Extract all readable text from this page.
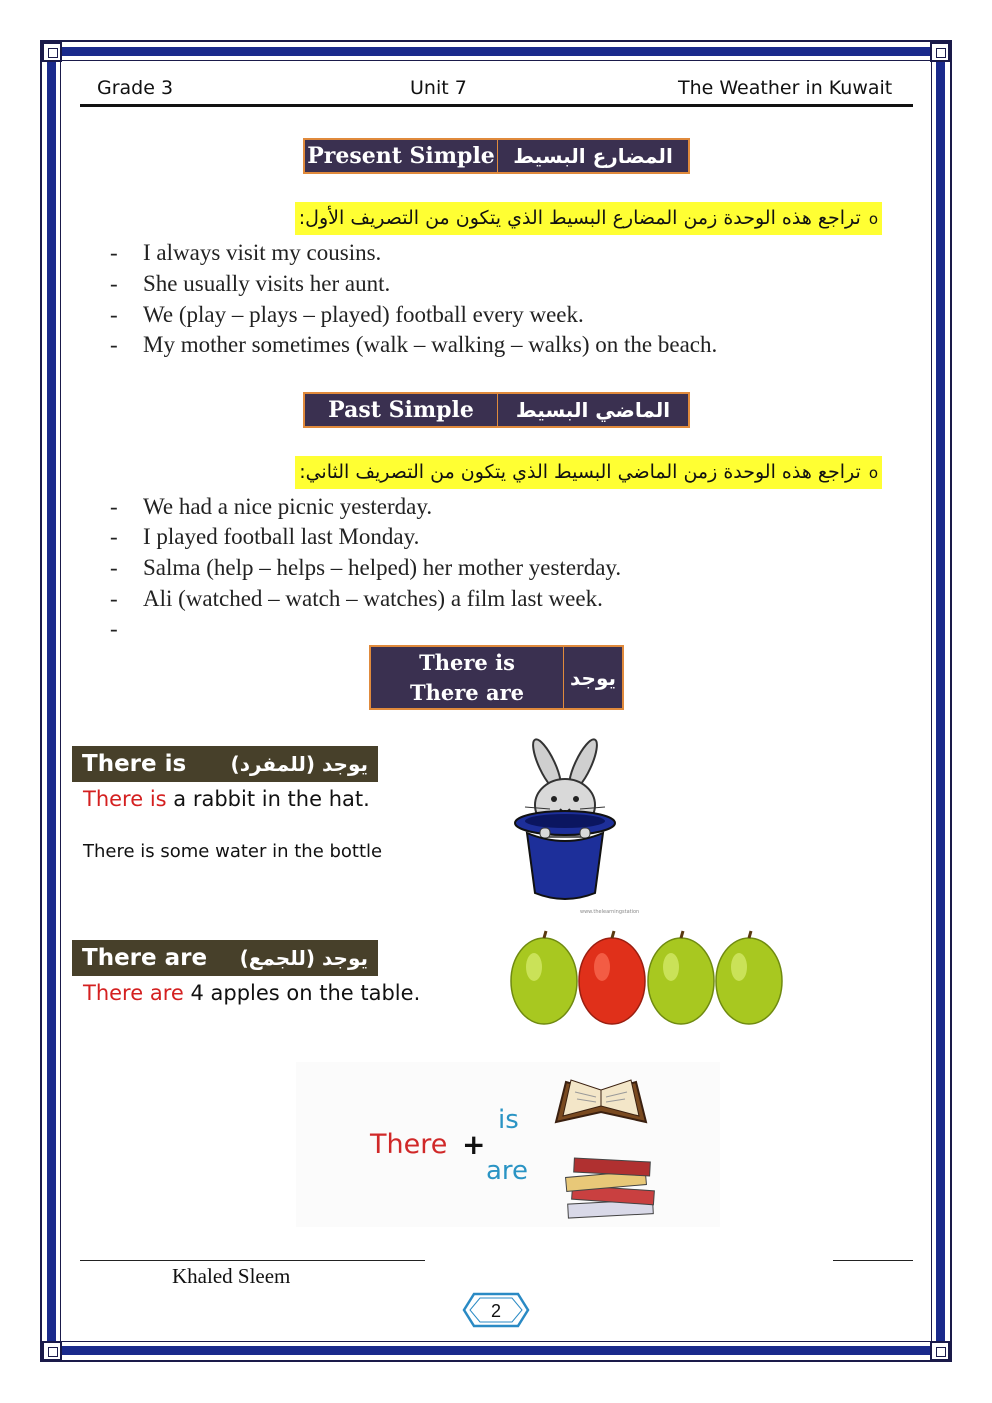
Grade 3	Unit 7	The Weather in Kuwait
Present Simple المضارع البسيط
oتراجع هذه الوحدة زمن المضارع البسيط الذي يتكون من التصريف الأول:
- I always visit my cousins.
- She usually visits her aunt.
- We (play – plays – played) football every week.
- My mother sometimes (walk – walking – walks) on the beach.
Past Simple	الماضي البسيط
oتراجع هذه الوحدة زمن الماضي البسيط الذي يتكون من التصريف الثاني:
- We had a nice picnic yesterday.
- I played football last Monday.
- Salma (help – helps – helped) her mother yesterday.
- Ali (watched – watch – watches) a film last week.
-
There is
There are
يوجد
There is يوجد (للمفرد)
There is a rabbit in the hat.
There is some water in the bottle
There are يوجد (للجمع)
There are 4 apples on the table.
www.thelearningstation
There +
is
are
Khaled Sleem
2
